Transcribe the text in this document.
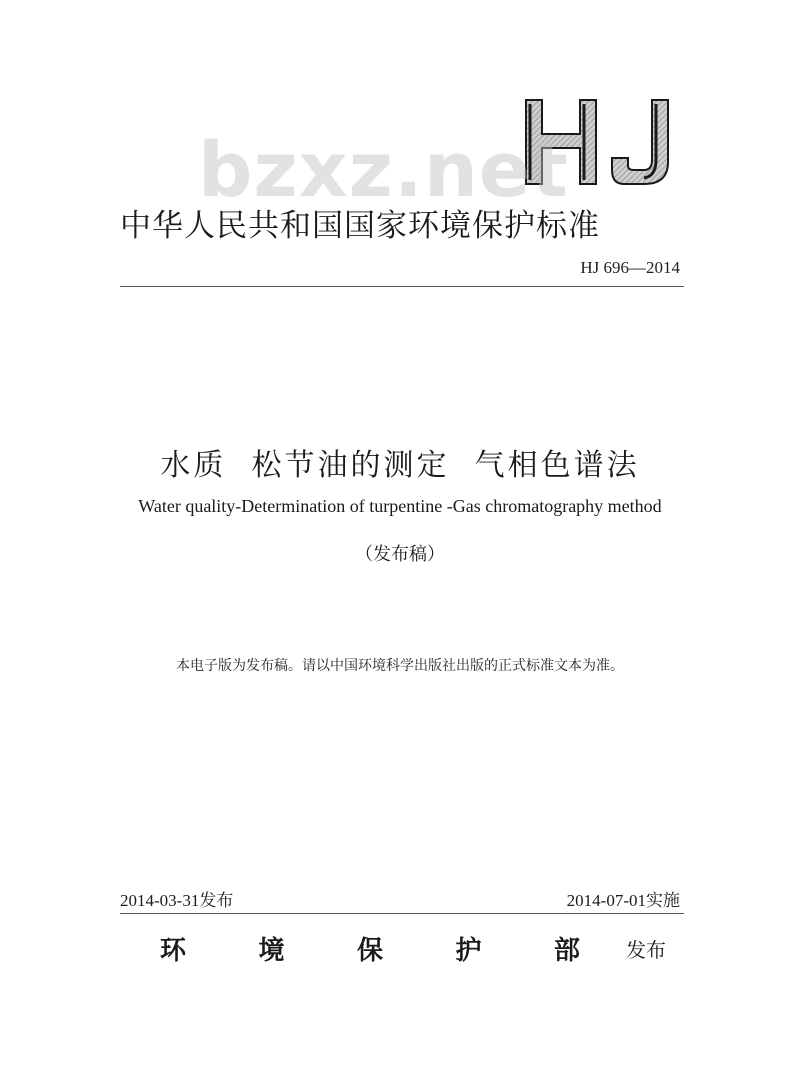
bzxz.net
中华人民共和国国家环境保护标准
HJ 696—2014
水质  松节油的测定  气相色谱法
Water quality-Determination of turpentine -Gas chromatography method
（发布稿）
本电子版为发布稿。请以中国环境科学出版社出版的正式标准文本为准。
2014-03-31发布	2014-07-01实施
环	境	保	护	部 发布
